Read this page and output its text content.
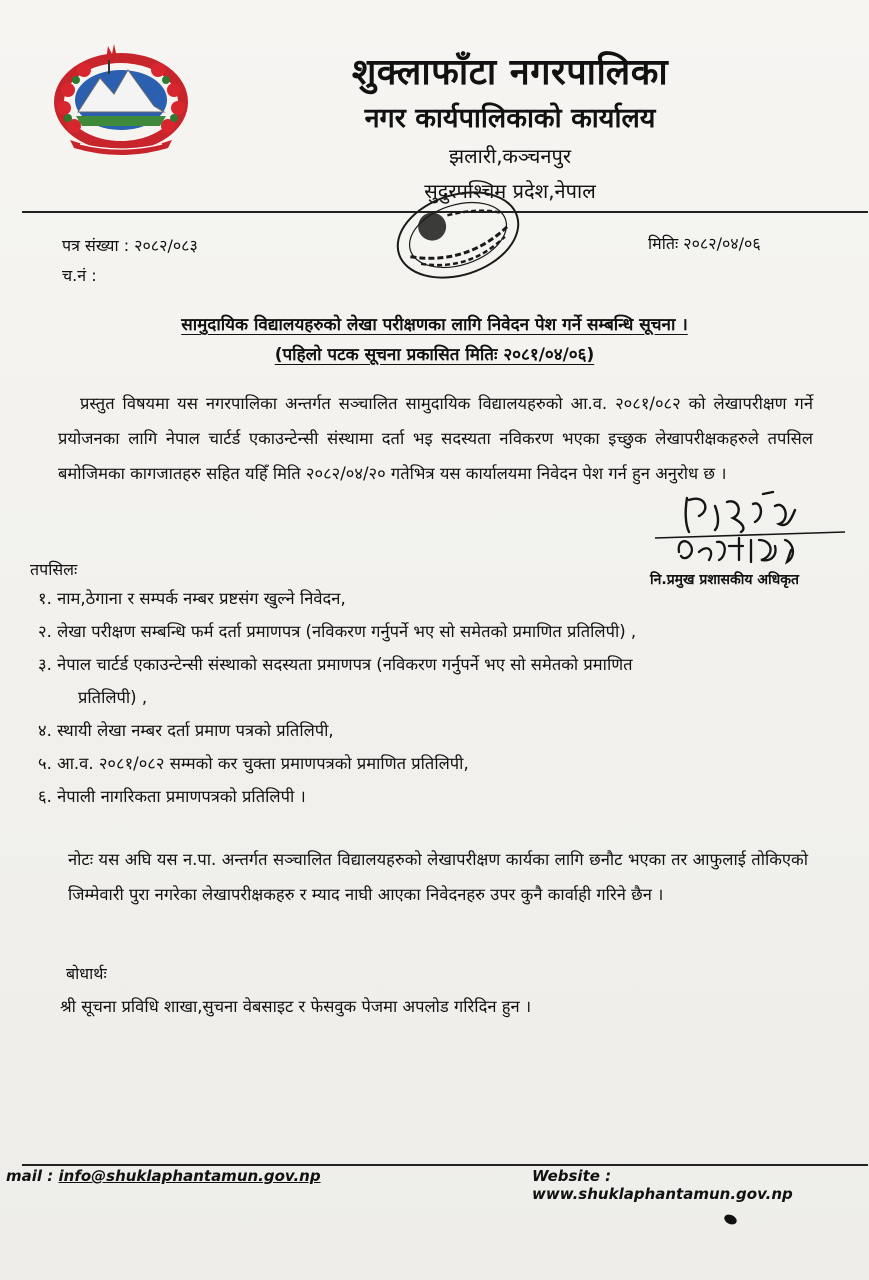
शुक्लाफाँटा नगरपालिका
नगर कार्यपालिकाको कार्यालय
झलारी,कञ्चनपुर
सुदुरपश्चिम प्रदेश,नेपाल
पत्र संख्या : २०८२/०८३
च.नं :
मितिः २०८२/०४/०६
सामुदायिक विद्यालयहरुको लेखा परीक्षणका लागि निवेदन पेश गर्ने सम्बन्धि सूचना ।
(पहिलो पटक सूचना प्रकासित मितिः २०८१/०४/०६)
प्रस्तुत विषयमा यस नगरपालिका अन्तर्गत सञ्चालित सामुदायिक विद्यालयहरुको आ.व. २०८१/०८२ को लेखापरीक्षण गर्ने प्रयोजनका लागि नेपाल चार्टर्ड एकाउन्टेन्सी संस्थामा दर्ता भइ सदस्यता नविकरण भएका इच्छुक लेखापरीक्षकहरुले तपसिल बमोजिमका कागजातहरु सहित यहिँ मिति २०८२/०४/२० गतेभित्र यस कार्यालयमा निवेदन पेश गर्न हुन अनुरोध छ ।
नि.प्रमुख प्रशासकीय अधिकृत
तपसिलः
१. नाम,ठेगाना र सम्पर्क नम्बर प्रष्टसंग खुल्ने निवेदन,
२. लेखा परीक्षण सम्बन्धि फर्म दर्ता प्रमाणपत्र (नविकरण गर्नुपर्ने भए सो समेतको प्रमाणित प्रतिलिपी) ,
३. नेपाल चार्टर्ड एकाउन्टेन्सी संस्थाको सदस्यता प्रमाणपत्र (नविकरण गर्नुपर्ने भए सो समेतको प्रमाणित
प्रतिलिपी) ,
४. स्थायी लेखा नम्बर दर्ता प्रमाण पत्रको प्रतिलिपी,
५. आ.व. २०८१/०८२ सम्मको कर चुक्ता प्रमाणपत्रको प्रमाणित प्रतिलिपी,
६. नेपाली नागरिकता प्रमाणपत्रको प्रतिलिपी ।
नोटः यस अघि यस न.पा. अन्तर्गत सञ्चालित विद्यालयहरुको लेखापरीक्षण कार्यका लागि छनौट भएका तर आफुलाई तोकिएको जिम्मेवारी पुरा नगरेका लेखापरीक्षकहरु र म्याद नाघी आएका निवेदनहरु उपर कुनै कार्वाही गरिने छैन ।
बोधार्थः
श्री सूचना प्रविधि शाखा,सुचना वेबसाइट र फेसवुक पेजमा अपलोड गरिदिन हुन ।
mail : info@shuklaphantamun.gov.np	Website : www.shuklaphantamun.gov.np
